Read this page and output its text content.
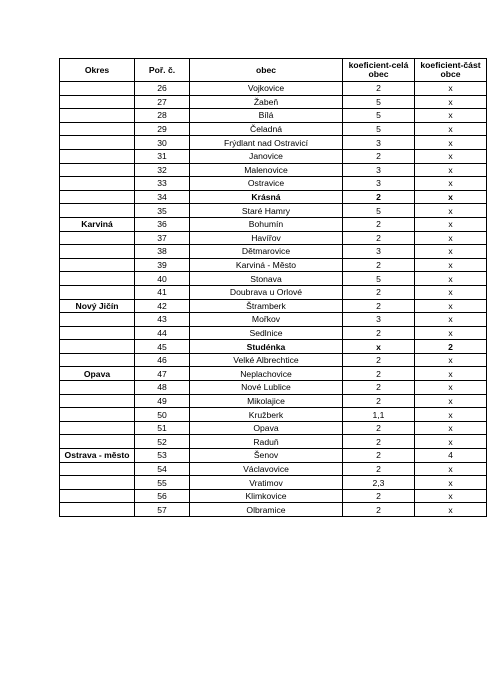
Okres	Poř. č.	obec	koeficient-celá obec	koeficient-část obce
	26	Vojkovice	2	x
	27	Žabeň	5	x
	28	Bílá	5	x
	29	Čeladná	5	x
	30	Frýdlant nad Ostravicí	3	x
	31	Janovice	2	x
	32	Malenovice	3	x
	33	Ostravice	3	x
	34	Krásná	2	x
	35	Staré Hamry	5	x
Karviná	36	Bohumín	2	x
	37	Havířov	2	x
	38	Dětmarovice	3	x
	39	Karviná - Město	2	x
	40	Stonava	5	x
	41	Doubrava u Orlové	2	x
Nový Jičín	42	Štramberk	2	x
	43	Mořkov	3	x
	44	Sedlnice	2	x
	45	Studénka	x	2
	46	Velké Albrechtice	2	x
Opava	47	Neplachovice	2	x
	48	Nové Lublice	2	x
	49	Mikolajice	2	x
	50	Kružberk	1,1	x
	51	Opava	2	x
	52	Raduň	2	x
Ostrava - město	53	Šenov	2	4
	54	Václavovice	2	x
	55	Vratimov	2,3	x
	56	Klimkovice	2	x
	57	Olbramice	2	x
